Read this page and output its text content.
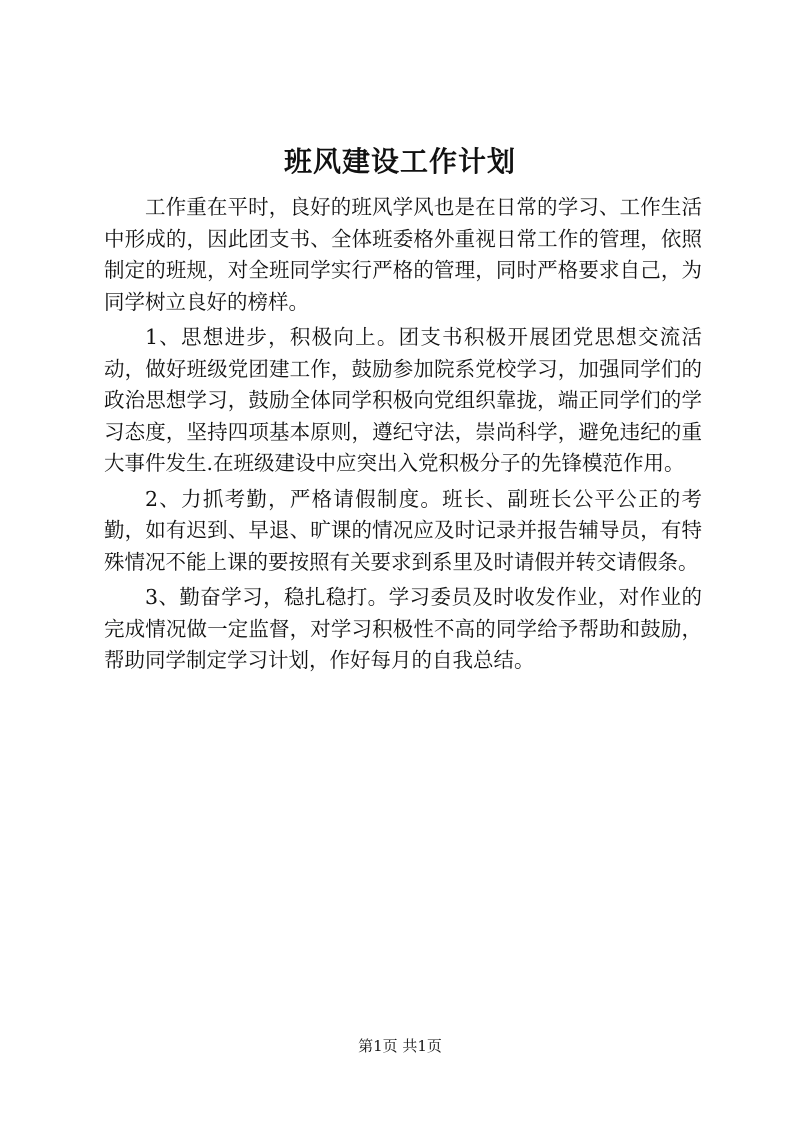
班风建设工作计划

工作重在平时，良好的班风学风也是在日常的学习、工作生活中形成的，因此团支书、全体班委格外重视日常工作的管理，依照制定的班规，对全班同学实行严格的管理，同时严格要求自己，为同学树立良好的榜样。

1、思想进步，积极向上。团支书积极开展团党思想交流活动，做好班级党团建工作，鼓励参加院系党校学习，加强同学们的政治思想学习，鼓励全体同学积极向党组织靠拢，端正同学们的学习态度，坚持四项基本原则，遵纪守法，崇尚科学，避免违纪的重大事件发生.在班级建设中应突出入党积极分子的先锋模范作用。

2、力抓考勤，严格请假制度。班长、副班长公平公正的考勤，如有迟到、早退、旷课的情况应及时记录并报告辅导员，有特殊情况不能上课的要按照有关要求到系里及时请假并转交请假条。

3、勤奋学习，稳扎稳打。学习委员及时收发作业，对作业的完成情况做一定监督，对学习积极性不高的同学给予帮助和鼓励，帮助同学制定学习计划，作好每月的自我总结。

第1页 共1页
